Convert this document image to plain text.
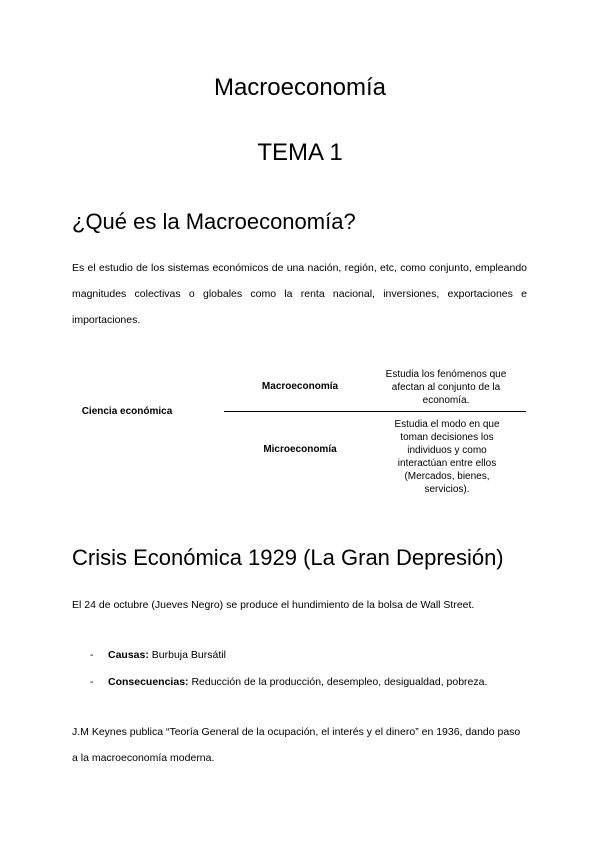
Macroeconomía
TEMA 1
¿Qué es la Macroeconomía?
Es el estudio de los sistemas económicos de una nación, región, etc, como conjunto, empleando magnitudes colectivas o globales como la renta nacional, inversiones, exportaciones e importaciones.
Ciencia económica
Macroeconomía
Estudia los fenómenos que afectan al conjunto de la economía.
Microeconomía
Estudia el modo en que toman decisiones los individuos y como interactúan entre ellos (Mercados, bienes, servicios).
Crisis Económica 1929 (La Gran Depresión)
El 24 de octubre (Jueves Negro) se produce el hundimiento de la bolsa de Wall Street.
- Causas: Burbuja Bursátil
- Consecuencias: Reducción de la producción, desempleo, desigualdad, pobreza.
J.M Keynes publica “Teoría General de la ocupación, el interés y el dinero” en 1936, dando paso a la macroeconomía moderna.
